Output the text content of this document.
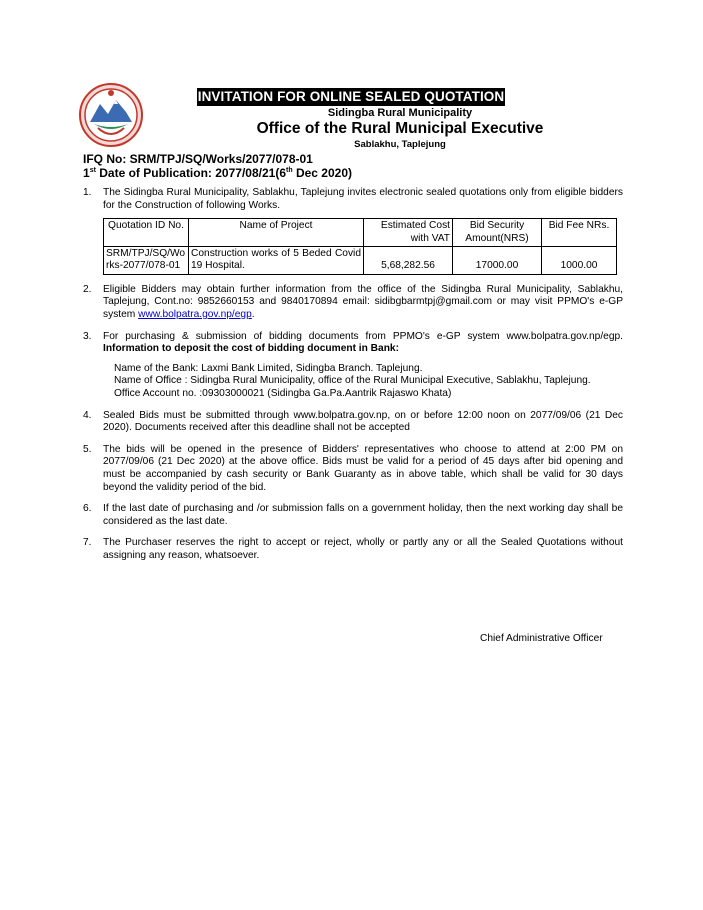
INVITATION FOR ONLINE SEALED QUOTATION
Sidingba Rural Municipality
Office of the Rural Municipal Executive
Sablakhu, Taplejung
IFQ No: SRM/TPJ/SQ/Works/2077/078-01
1st Date of Publication: 2077/08/21(6th Dec 2020)
1. The Sidingba Rural Municipality, Sablakhu, Taplejung invites electronic sealed quotations only from eligible bidders for the Construction of following Works.
Quotation ID No.	Name of Project	Estimated Cost with VAT	Bid Security Amount(NRS)	Bid Fee NRs.
SRM/TPJ/SQ/Works-2077/078-01	Construction works of 5 Beded Covid 19 Hospital.	5,68,282.56	17000.00	1000.00
2. Eligible Bidders may obtain further information from the office of the Sidingba Rural Municipality, Sablakhu, Taplejung, Cont.no: 9852660153 and 9840170894 email: sidibgbarmtpj@gmail.com or may visit PPMO's e-GP system www.bolpatra.gov.np/egp.
3. For purchasing & submission of bidding documents from PPMO's e-GP system www.bolpatra.gov.np/egp. Information to deposit the cost of bidding document in Bank:
Name of the Bank: Laxmi Bank Limited, Sidingba Branch. Taplejung.
Name of Office : Sidingba Rural Municipality, office of the Rural Municipal Executive, Sablakhu, Taplejung.
Office Account no. :09303000021 (Sidingba Ga.Pa.Aantrik Rajaswo Khata)
4. Sealed Bids must be submitted through www.bolpatra.gov.np, on or before 12:00 noon on 2077/09/06 (21 Dec 2020). Documents received after this deadline shall not be accepted
5. The bids will be opened in the presence of Bidders' representatives who choose to attend at 2:00 PM on 2077/09/06 (21 Dec 2020) at the above office. Bids must be valid for a period of 45 days after bid opening and must be accompanied by cash security or Bank Guaranty as in above table, which shall be valid for 30 days beyond the validity period of the bid.
6. If the last date of purchasing and /or submission falls on a government holiday, then the next working day shall be considered as the last date.
7. The Purchaser reserves the right to accept or reject, wholly or partly any or all the Sealed Quotations without assigning any reason, whatsoever.
Chief Administrative Officer
